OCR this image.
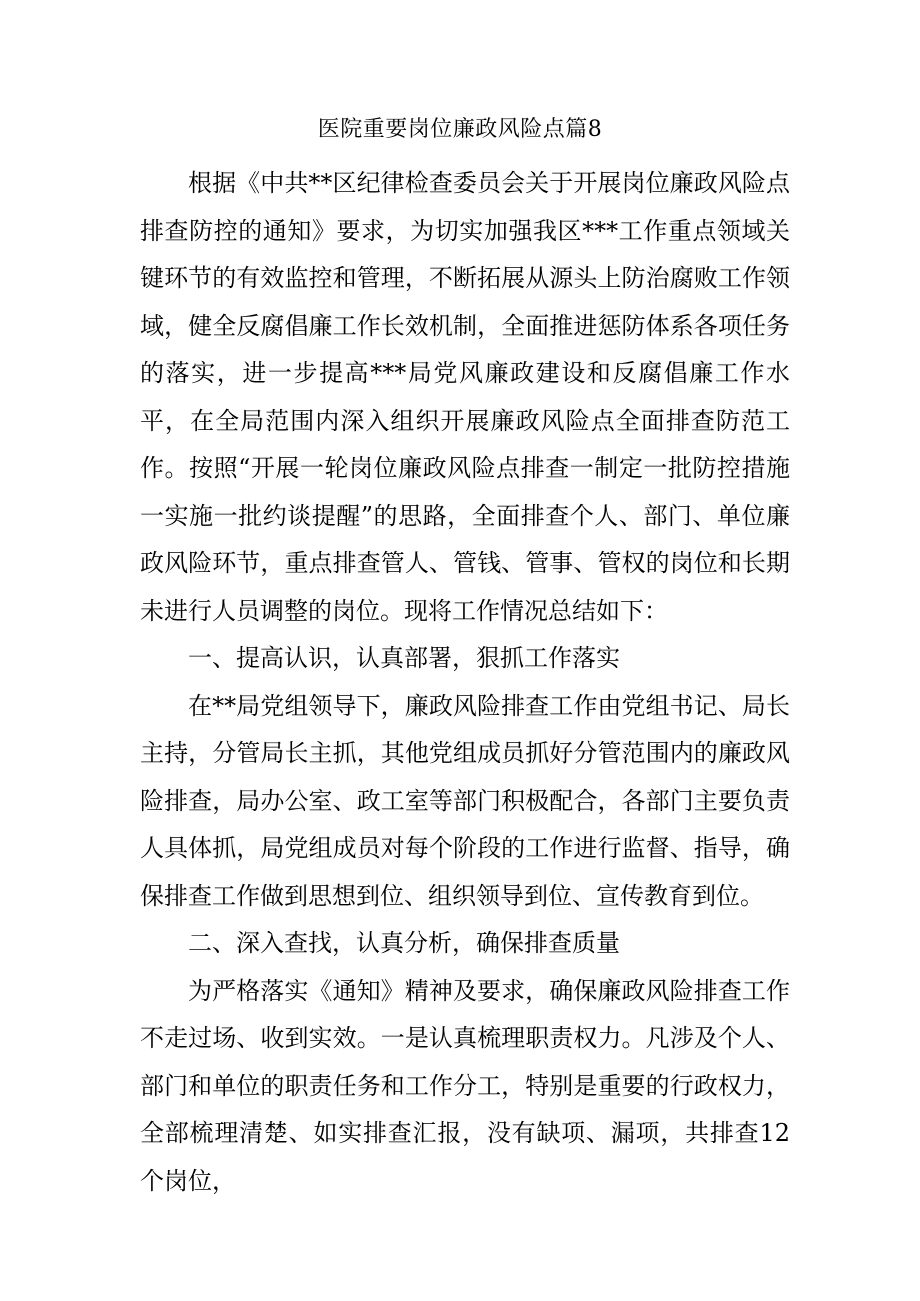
医院重要岗位廉政风险点篇8

根据《中共**区纪律检查委员会关于开展岗位廉政风险点排查防控的通知》要求，为切实加强我区***工作重点领域关键环节的有效监控和管理，不断拓展从源头上防治腐败工作领域，健全反腐倡廉工作长效机制，全面推进惩防体系各项任务的落实，进一步提高***局党风廉政建设和反腐倡廉工作水平，在全局范围内深入组织开展廉政风险点全面排查防范工作。按照“开展一轮岗位廉政风险点排查一制定一批防控措施一实施一批约谈提醒”的思路，全面排查个人、部门、单位廉政风险环节，重点排查管人、管钱、管事、管权的岗位和长期未进行人员调整的岗位。现将工作情况总结如下：

一、提高认识，认真部署，狠抓工作落实

在**局党组领导下，廉政风险排查工作由党组书记、局长主持，分管局长主抓，其他党组成员抓好分管范围内的廉政风险排查，局办公室、政工室等部门积极配合，各部门主要负责人具体抓，局党组成员对每个阶段的工作进行监督、指导，确保排查工作做到思想到位、组织领导到位、宣传教育到位。

二、深入查找，认真分析，确保排查质量

为严格落实《通知》精神及要求，确保廉政风险排查工作不走过场、收到实效。一是认真梳理职责权力。凡涉及个人、部门和单位的职责任务和工作分工，特别是重要的行政权力，全部梳理清楚、如实排查汇报，没有缺项、漏项，共排查12个岗位，
